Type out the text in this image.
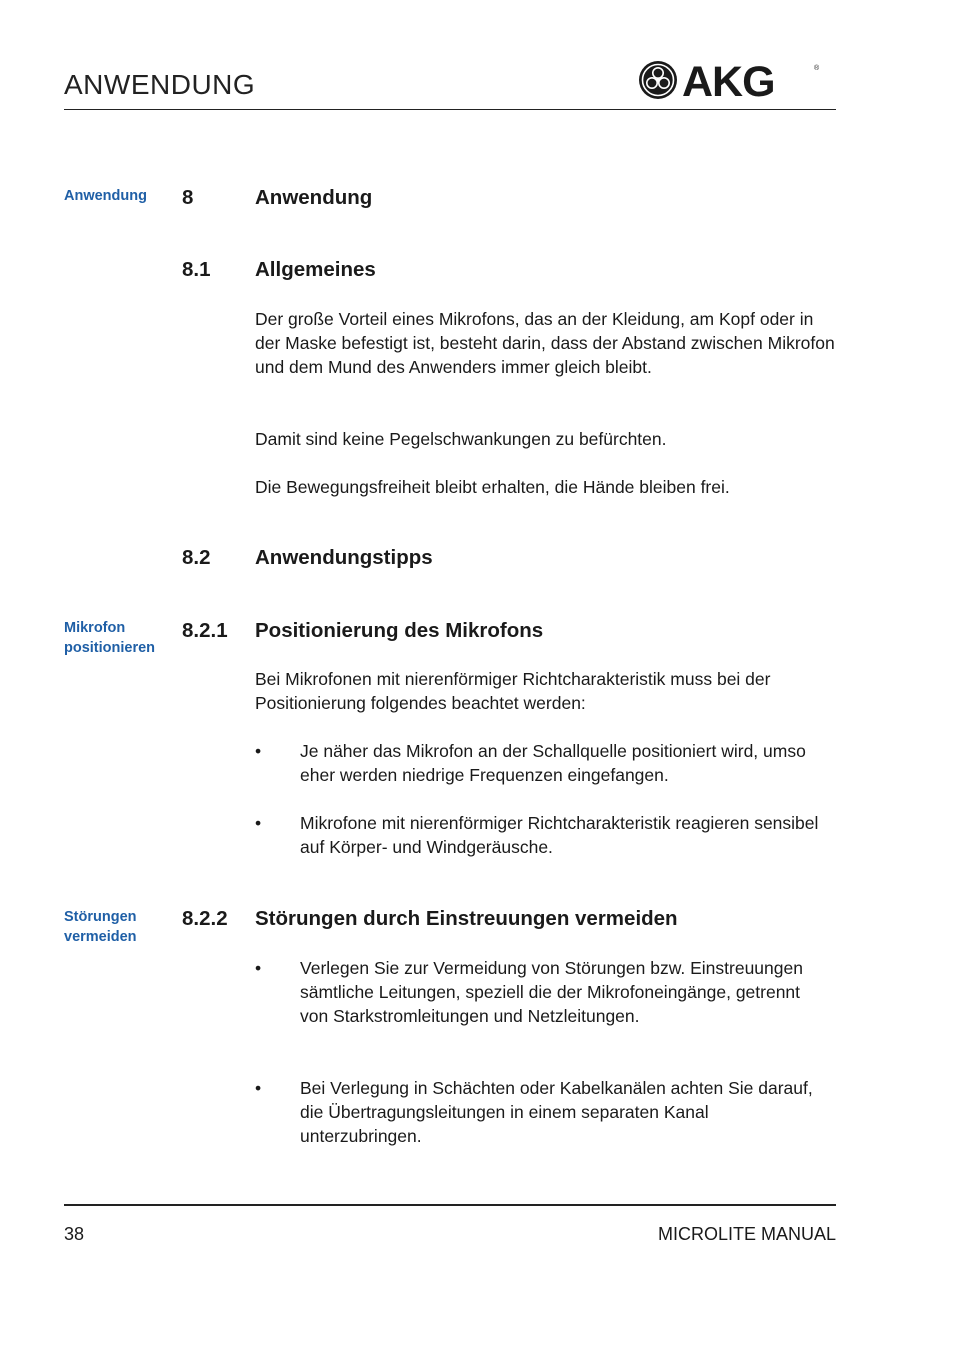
ANWENDUNG	AKG	®
Anwendung
Mikrofon
positionieren
Störungen
vermeiden
8	Anwendung
8.1 Allgemeines

Der große Vorteil eines Mikrofons, das an der Kleidung, am Kopf oder in der Maske befestigt ist, besteht darin, dass der Abstand zwischen Mikrofon und dem Mund des Anwenders immer gleich bleibt.

Damit sind keine Pegelschwankungen zu befürchten.

Die Bewegungsfreiheit bleibt erhalten, die Hände bleiben frei.

8.2 Anwendungstipps
8.2.1 Positionierung des Mikrofons

Bei Mikrofonen mit nierenförmiger Richtcharakteristik muss bei der Positionierung folgendes beachtet werden:

• Je näher das Mikrofon an der Schallquelle positioniert wird, umso eher werden niedrige Frequenzen eingefangen.

• Mikrofone mit nierenförmiger Richtcharakteristik reagieren sensibel auf Körper- und Windgeräusche.

8.2.2 Störungen durch Einstreuungen vermeiden
• Verlegen Sie zur Vermeidung von Störungen bzw. Einstreuungen sämtliche Leitungen, speziell die der Mikrofoneingänge, getrennt von Starkstromleitungen und Netzleitungen.

• Bei Verlegung in Schächten oder Kabelkanälen achten Sie darauf, die Übertragungsleitungen in einem separaten Kanal unterzubringen.

38	MICROLITE MANUAL
